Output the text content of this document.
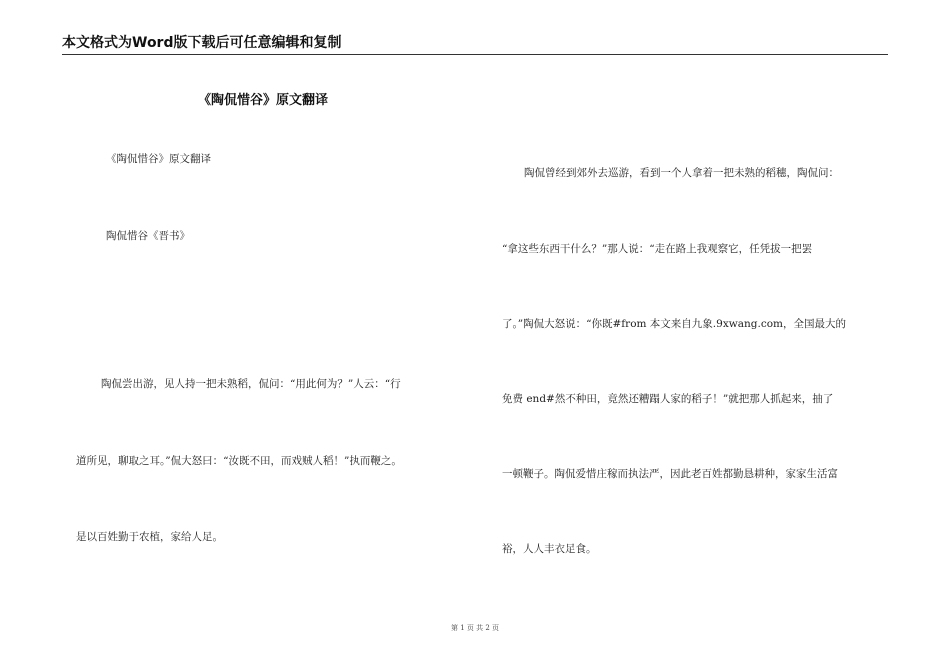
本文格式为Word版下载后可任意编辑和复制
《陶侃惜谷》原文翻译
《陶侃惜谷》原文翻译
陶侃惜谷《晋书》
陶侃尝出游，见人持一把未熟稻，侃问：“用此何为？”人云：“行
道所见，聊取之耳。”侃大怒曰：“汝既不田，而戏贼人稻！”执而鞭之。
是以百姓勤于农植，家给人足。
陶侃曾经到郊外去巡游，看到一个人拿着一把未熟的稻穗，陶侃问：
“拿这些东西干什么？”那人说：“走在路上我观察它，任凭拔一把罢
了。”陶侃大怒说：“你既#from 本文来自九象.9xwang.com，全国最大的
免费 end#然不种田，竟然还糟蹋人家的稻子！”就把那人抓起来，抽了
一顿鞭子。陶侃爱惜庄稼而执法严，因此老百姓都勤恳耕种，家家生活富
裕，人人丰衣足食。
第 1 页 共 2 页
